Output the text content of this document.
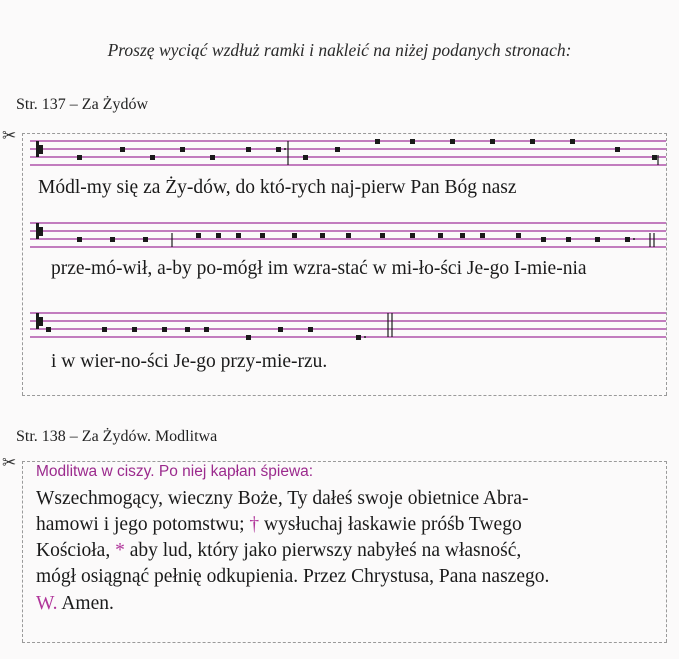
Proszę wyciąć wzdłuż ramki i nakleić na niżej podanych stronach:
Str. 137 – Za Żydów
✂
Módl-my się za Ży-dów, do któ-rych naj-pierw Pan Bóg nasz
prze-mó-wił, a-by po-mógł im wzra-stać w mi-ło-ści Je-go I-mie-nia
i w wier-no-ści Je-go przy-mie-rzu.
Str. 138 – Za Żydów. Modlitwa
✂ Modlitwa w ciszy. Po niej kapłan śpiewa:
Wszechmogący, wieczny Boże, Ty dałeś swoje obietnice Abra-
hamowi i jego potomstwu; † wysłuchaj łaskawie próśb Twego
Kościoła, * aby lud, który jako pierwszy nabyłeś na własność,
mógł osiągnąć pełnię odkupienia. Przez Chrystusa, Pana naszego.
W. Amen.
